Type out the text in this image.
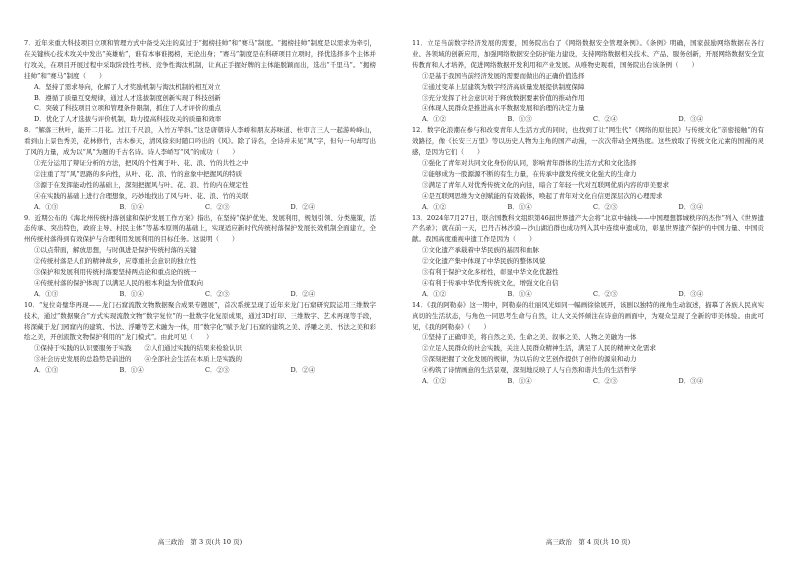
7．近年来重大科技项目立项和管理方式中备受关注的莫过于“揭榜挂帅”和“赛马”制度。“揭榜挂帅”制度是以需求为牵引，在关键核心技术攻关中发出“英雄帖”，谁有本事谁揭榜，无论出身；“赛马”制度是在科研项目立项时，择优选择多个主体并行攻关，在项目开展过程中采取阶段性考核、竞争性淘汰机制，让真正手握好牌的主体能脱颖而出，选出“千里马”。“揭榜挂帅”和“赛马”制度（　　）

A．坚持了需求导向，化解了人才奖励机制与淘汰机制的相互对立
B．遵循了质量互变规律，通过人才选拔制度创新实现了科技创新
C．突破了科技项目立项和管理条件限制，抓住了人才评价的重点
D．优化了人才选拔与评价机制，助力提高科技攻关的质量和效率

8．“解落三秋叶，能开二月花。过江千尺浪，入竹万竿斜。”这是唐朝诗人李峤和朋友苏味道、杜审言三人一起游岭峰山，看到山上景色秀美，花林修竹，古木参天，清风徐来时随口吟出的《风》。除了诗名，全诗并未见“风”字，但句一句却写出了风的力量，成为以“风”为题的千古名诗。诗人李峤写“风”的成功（　　）

①充分运用了辩证分析的方法，把风的个性寓于叶、花、浪、竹的共性之中
②注重了写“风”思路的多向性，从叶、花、浪、竹的意象中把握风的特质
③源于在发挥能动性的基础上，深刻把握风与叶、花、浪、竹的内在规定性
④在实践的基础上进行合理想象，巧妙地找出了风与叶、花、浪、竹的关联
A．①③	B．①④	C．②③	D．②④

9．近期公布的《海北州传统村落创建和保护发展工作方案》指出，在坚持“保护优先、发展利用，规划引领、分类施策，活态传承、突出特色，政府主导、村民主体”等基本原则的基础上，实现适应新时代传统村落保护发展长效机制全面建立，全州传统村落得到有效保护与合理利用发展利用的目标任务。这说明（　　）

①以点带面，解放思想，与时俱进是保护传统村落的关键
②传统村落是人们的精神故乡，应尊重社会意识的独立性
③保护和发展利用传统村落要坚持两点论和重点论的统一
④传统村落的保护体现了以满足人民的根本利益为价值取向
A．①③	B．①④	C．②③	D．②④

10．“复位奇璧华再现——龙门石窟流散文物数据聚合成果专题展”，首次系统呈现了近年来龙门石窟研究院运用三维数字技术，通过“数据聚合”方式实现流散文物“数字复位”的一批数字化复原成果，通过3D打印、三维数字、艺术再现等手段，将深藏于龙门园窟内的建筑、书法、浮雕等艺术融为一体，用“数字化”赋予龙门石窟的建筑之美、浮雕之美、书法之美和彩绘之美，开创流散文物保护利用的“龙门模式”。由此可见（　　）

①保持于实践的认识要服务于实践　　②人们通过实践的结果来检验认识
③社会历史发展的总趋势是前进的　　④全部社会生活在本质上是实践的
A．①③	B．①④	C．②③	D．②④

11．立足当前数字经济发展的需要，国务院出台了《网络数据安全管理条例》。《条例》明确，国家鼓励网络数据在各行业、各领域的创新应用，加强网络数据安全防护能力建设，支持网络数据相关技术、产品、服务创新，开展网络数据安全宣传教育和人才培养，促进网络数据开发利用和产业发展。从唯物史观看，国务院出台该条例（　　）

①是基于我国当前经济发展的需要而做出的正确价值选择
②通过变革上层建筑为数字经济高质量发展提供制度保障
③充分发挥了社会意识对于释放数据要素价值的推动作用
④体现人民群众是推进高水平数据发展和治理的决定力量
A．①②	B．①③	C．②④	D．③④

12．数字化浪潮在参与和改变青年人生活方式的同时，也找到了让“网生代”《网络的原住民》与传统文化“亲密接触”的有效路径，像《长安三万里》等以历史人物为主角的国产动漫，一次次带动全网热度。这些放取了传统文化元素的国漫的灵感，是因为它们（　　）

①强化了青年对共同文化身份的认同，影响青年群体的生活方式和文化选择
②能够成为一股源源不断的有生力量，在传承中激发传统文化强大的生命力
③满足了青年人对优秀传统文化的向往，暗合了年轻一代对互联网优质内容的审美要求
④是互联网思维为文创赋能的有效载体，唤起了青年对文化自信更深层次的心理需求
A．①②	B．①④	C．②③	D．③④

13．2024年7月27日，联合国教科文组织第46届世界遗产大会将“北京中轴线——中国理想都城秩序的杰作”列入《世界遗产名录》；就在前一天，巴丹吉林沙漠—沙山湖泊群也成功列入其中连续申遗成功，彰显世界遗产保护的中国力量、中国贡献。我国高度重视申遗工作是因为（　　）

①文化遗产承载着中华民族的基因和血脉
②文化遗产集中体现了中华民族的整体风貌
③有利于保护文化多样性，彰显中华文化优越性
④有利于传承中华优秀传统文化，增强文化自信
A．①②	B．①④	C．②③	D．③④

14．《我的阿勒泰》这一期中，阿勒泰的壮丽风光如同一幅画徐徐展开，该剧以独特的视角生动叙述，描摹了各族人民真实真切的生活状态，与角色一同思考生命与自然，让人文关怀倾注在诗意的画面中，为观众呈现了全新的审美体验。由此可见，《我的阿勒泰》（　　）

①坚持了正确审美，将自然之美、生命之美、叙事之美、人物之美融为一体
②立足人民群众的社会实践，关注人民群众精神生活，满足了人民的精神文化需求
③深刻把握了文化发展的规律，为以后的文艺创作提供了创作的源泉和动力
④构筑了诗情画意的生活景观，深刻地反映了人与自然和谐共生的生活哲学
A．①②	B．①④	C．②③	D．③④
高三政治　第 3 页(共 10 页)	高三政治　第 4 页(共 10 页)
